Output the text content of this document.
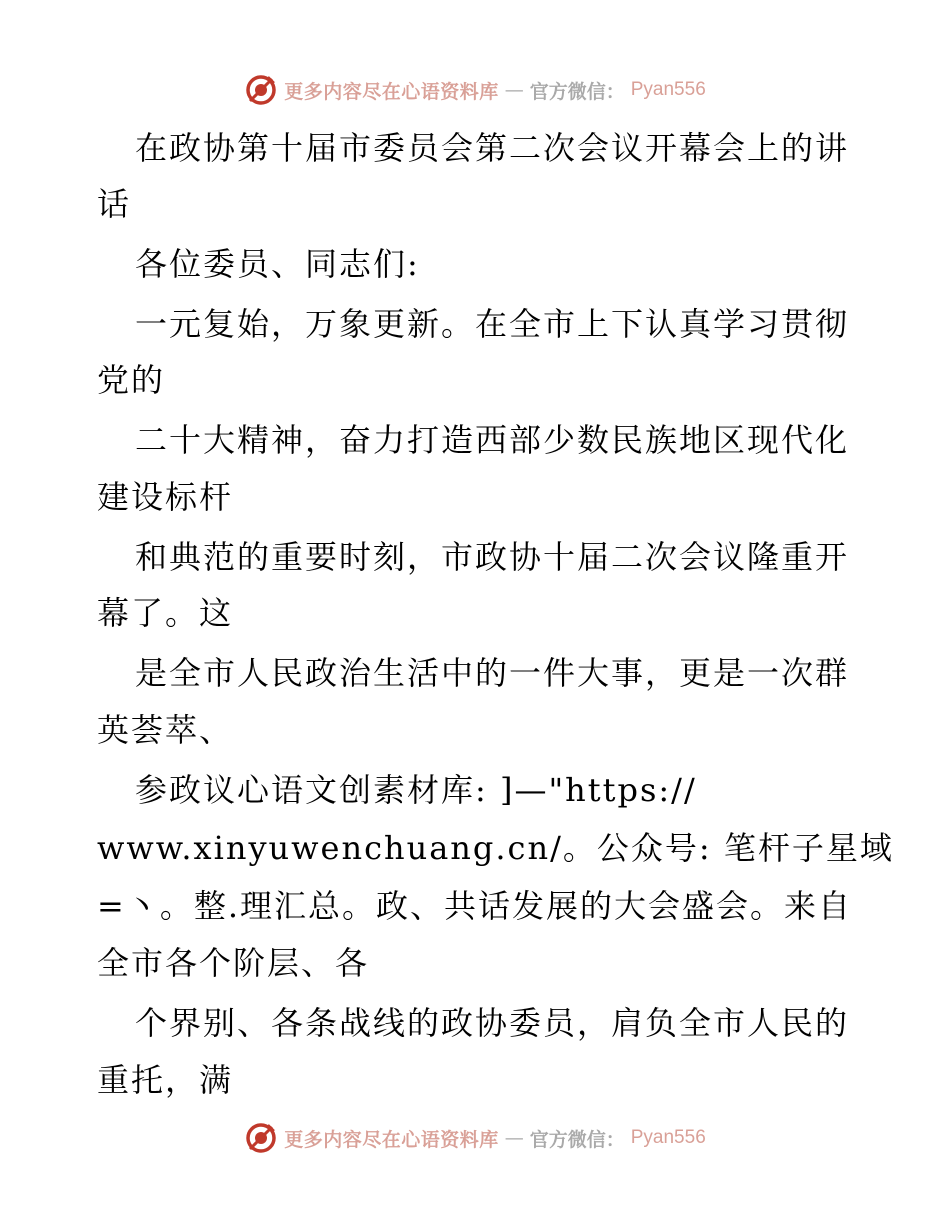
更多内容尽在心语资料库 — 官方微信： Pyan556
在政协第十届市委员会第二次会议开幕会上的讲
话
各位委员、同志们:
一元复始，万象更新。在全市上下认真学习贯彻
党的
二十大精神，奋力打造西部少数民族地区现代化
建设标杆
和典范的重要时刻，市政协十届二次会议隆重开
幕了。这
是全市人民政治生活中的一件大事，更是一次群
英荟萃、
参政议心语文创素材库: ]—"https://
www.xinyuwenchuang.cn/。公众号: 笔杆子星域
=丶。整.理汇总。政、共话发展的大会盛会。来自
全市各个阶层、各
个界别、各条战线的政协委员，肩负全市人民的
重托，满
更多内容尽在心语资料库 — 官方微信： Pyan556
